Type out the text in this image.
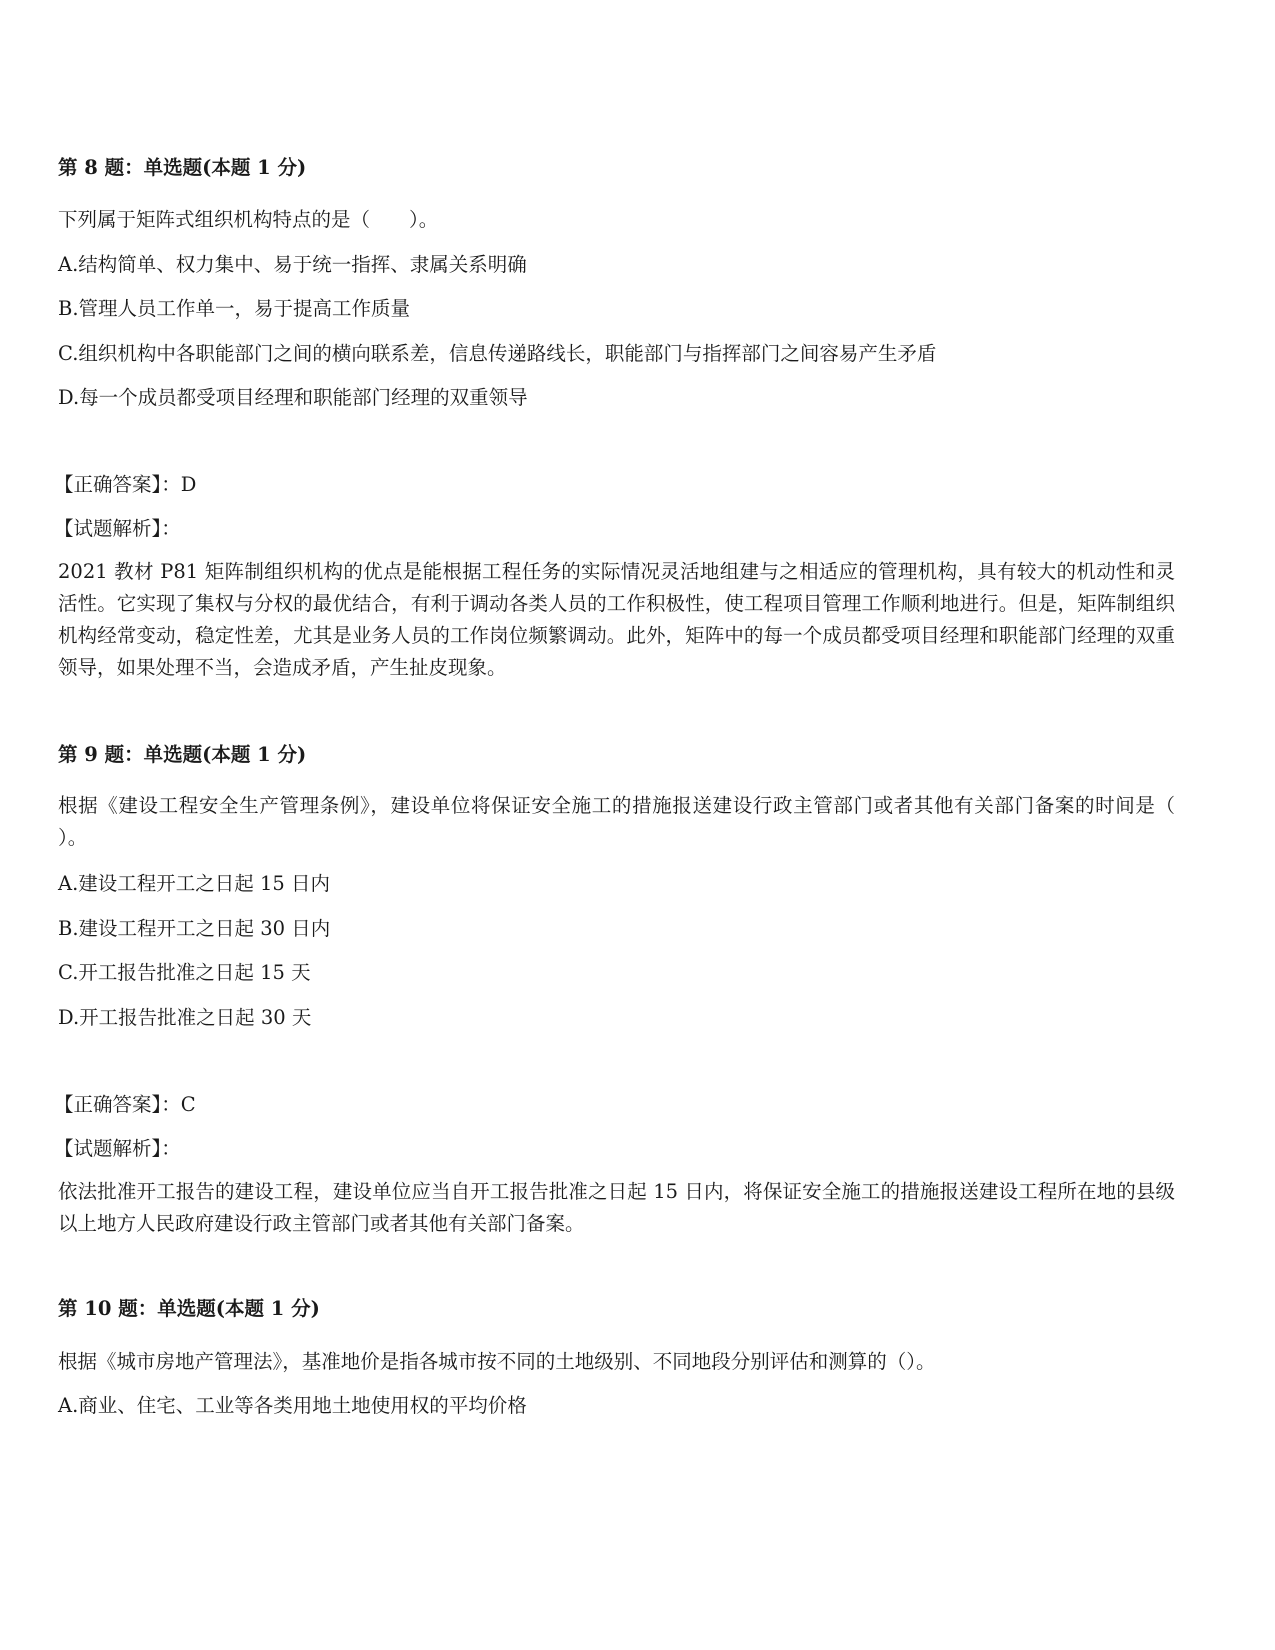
第 8 题：单选题(本题 1 分)
下列属于矩阵式组织机构特点的是（　　）。
A.结构简单、权力集中、易于统一指挥、隶属关系明确
B.管理人员工作单一，易于提高工作质量
C.组织机构中各职能部门之间的横向联系差，信息传递路线长，职能部门与指挥部门之间容易产生矛盾
D.每一个成员都受项目经理和职能部门经理的双重领导
【正确答案】：D
【试题解析】：
2021 教材 P81 矩阵制组织机构的优点是能根据工程任务的实际情况灵活地组建与之相适应的管理机构，具有较大的机动性和灵活性。它实现了集权与分权的最优结合，有利于调动各类人员的工作积极性，使工程项目管理工作顺利地进行。但是，矩阵制组织机构经常变动，稳定性差，尤其是业务人员的工作岗位频繁调动。此外，矩阵中的每一个成员都受项目经理和职能部门经理的双重领导，如果处理不当，会造成矛盾，产生扯皮现象。
第 9 题：单选题(本题 1 分)
根据《建设工程安全生产管理条例》，建设单位将保证安全施工的措施报送建设行政主管部门或者其他有关部门备案的时间是（ ）。
A.建设工程开工之日起 15 日内
B.建设工程开工之日起 30 日内
C.开工报告批准之日起 15 天
D.开工报告批准之日起 30 天
【正确答案】：C
【试题解析】：
依法批准开工报告的建设工程，建设单位应当自开工报告批准之日起 15 日内，将保证安全施工的措施报送建设工程所在地的县级以上地方人民政府建设行政主管部门或者其他有关部门备案。
第 10 题：单选题(本题 1 分)
根据《城市房地产管理法》，基准地价是指各城市按不同的土地级别、不同地段分别评估和测算的（）。
A.商业、住宅、工业等各类用地土地使用权的平均价格
